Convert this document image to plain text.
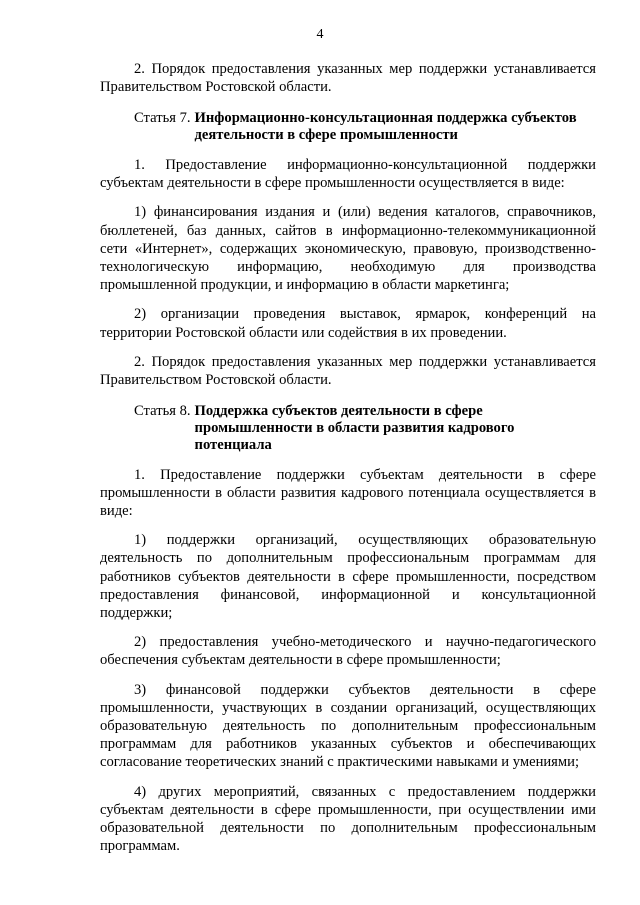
4

2. Порядок предоставления указанных мер поддержки устанавливается Правительством Ростовской области.

Статья 7. Информационно-консультационная поддержка субъектов деятельности в сфере промышленности

1. Предоставление информационно-консультационной поддержки субъектам деятельности в сфере промышленности осуществляется в виде:

1) финансирования издания и (или) ведения каталогов, справочников, бюллетеней, баз данных, сайтов в информационно-телекоммуникационной сети «Интернет», содержащих экономическую, правовую, производственно-технологическую информацию, необходимую для производства промышленной продукции, и информацию в области маркетинга;

2) организации проведения выставок, ярмарок, конференций на территории Ростовской области или содействия в их проведении.

2. Порядок предоставления указанных мер поддержки устанавливается Правительством Ростовской области.

Статья 8. Поддержка субъектов деятельности в сфере промышленности в области развития кадрового потенциала

1. Предоставление поддержки субъектам деятельности в сфере промышленности в области развития кадрового потенциала осуществляется в виде:

1) поддержки организаций, осуществляющих образовательную деятельность по дополнительным профессиональным программам для работников субъектов деятельности в сфере промышленности, посредством предоставления финансовой, информационной и консультационной поддержки;

2) предоставления учебно-методического и научно-педагогического обеспечения субъектам деятельности в сфере промышленности;

3) финансовой поддержки субъектов деятельности в сфере промышленности, участвующих в создании организаций, осуществляющих образовательную деятельность по дополнительным профессиональным программам для работников указанных субъектов и обеспечивающих согласование теоретических знаний с практическими навыками и умениями;

4) других мероприятий, связанных с предоставлением поддержки субъектам деятельности в сфере промышленности, при осуществлении ими образовательной деятельности по дополнительным профессиональным программам.
